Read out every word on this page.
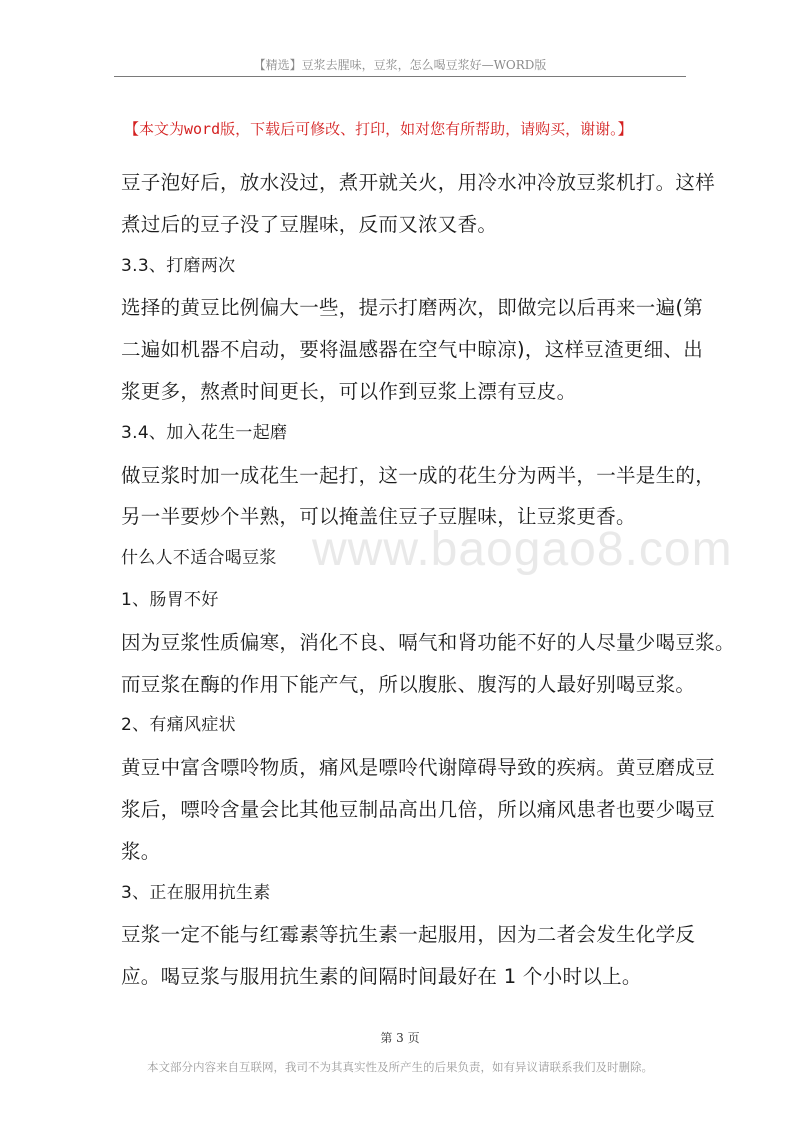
【精选】豆浆去腥味，豆浆，怎么喝豆浆好—WORD版
【本文为word版，下载后可修改、打印，如对您有所帮助，请购买，谢谢。】
www.baogao8.com
豆子泡好后，放水没过，煮开就关火，用冷水冲冷放豆浆机打。这样
煮过后的豆子没了豆腥味，反而又浓又香。
3.3、打磨两次
选择的黄豆比例偏大一些，提示打磨两次，即做完以后再来一遍(第
二遍如机器不启动，要将温感器在空气中晾凉)，这样豆渣更细、出
浆更多，熬煮时间更长，可以作到豆浆上漂有豆皮。
3.4、加入花生一起磨
做豆浆时加一成花生一起打，这一成的花生分为两半，一半是生的，
另一半要炒个半熟，可以掩盖住豆子豆腥味，让豆浆更香。
什么人不适合喝豆浆
1、肠胃不好
因为豆浆性质偏寒，消化不良、嗝气和肾功能不好的人尽量少喝豆浆。
而豆浆在酶的作用下能产气，所以腹胀、腹泻的人最好别喝豆浆。
2、有痛风症状
黄豆中富含嘌呤物质，痛风是嘌呤代谢障碍导致的疾病。黄豆磨成豆
浆后，嘌呤含量会比其他豆制品高出几倍，所以痛风患者也要少喝豆
浆。
3、正在服用抗生素
豆浆一定不能与红霉素等抗生素一起服用，因为二者会发生化学反
应。喝豆浆与服用抗生素的间隔时间最好在 1 个小时以上。
第 3 页
本文部分内容来自互联网，我司不为其真实性及所产生的后果负责，如有异议请联系我们及时删除。
